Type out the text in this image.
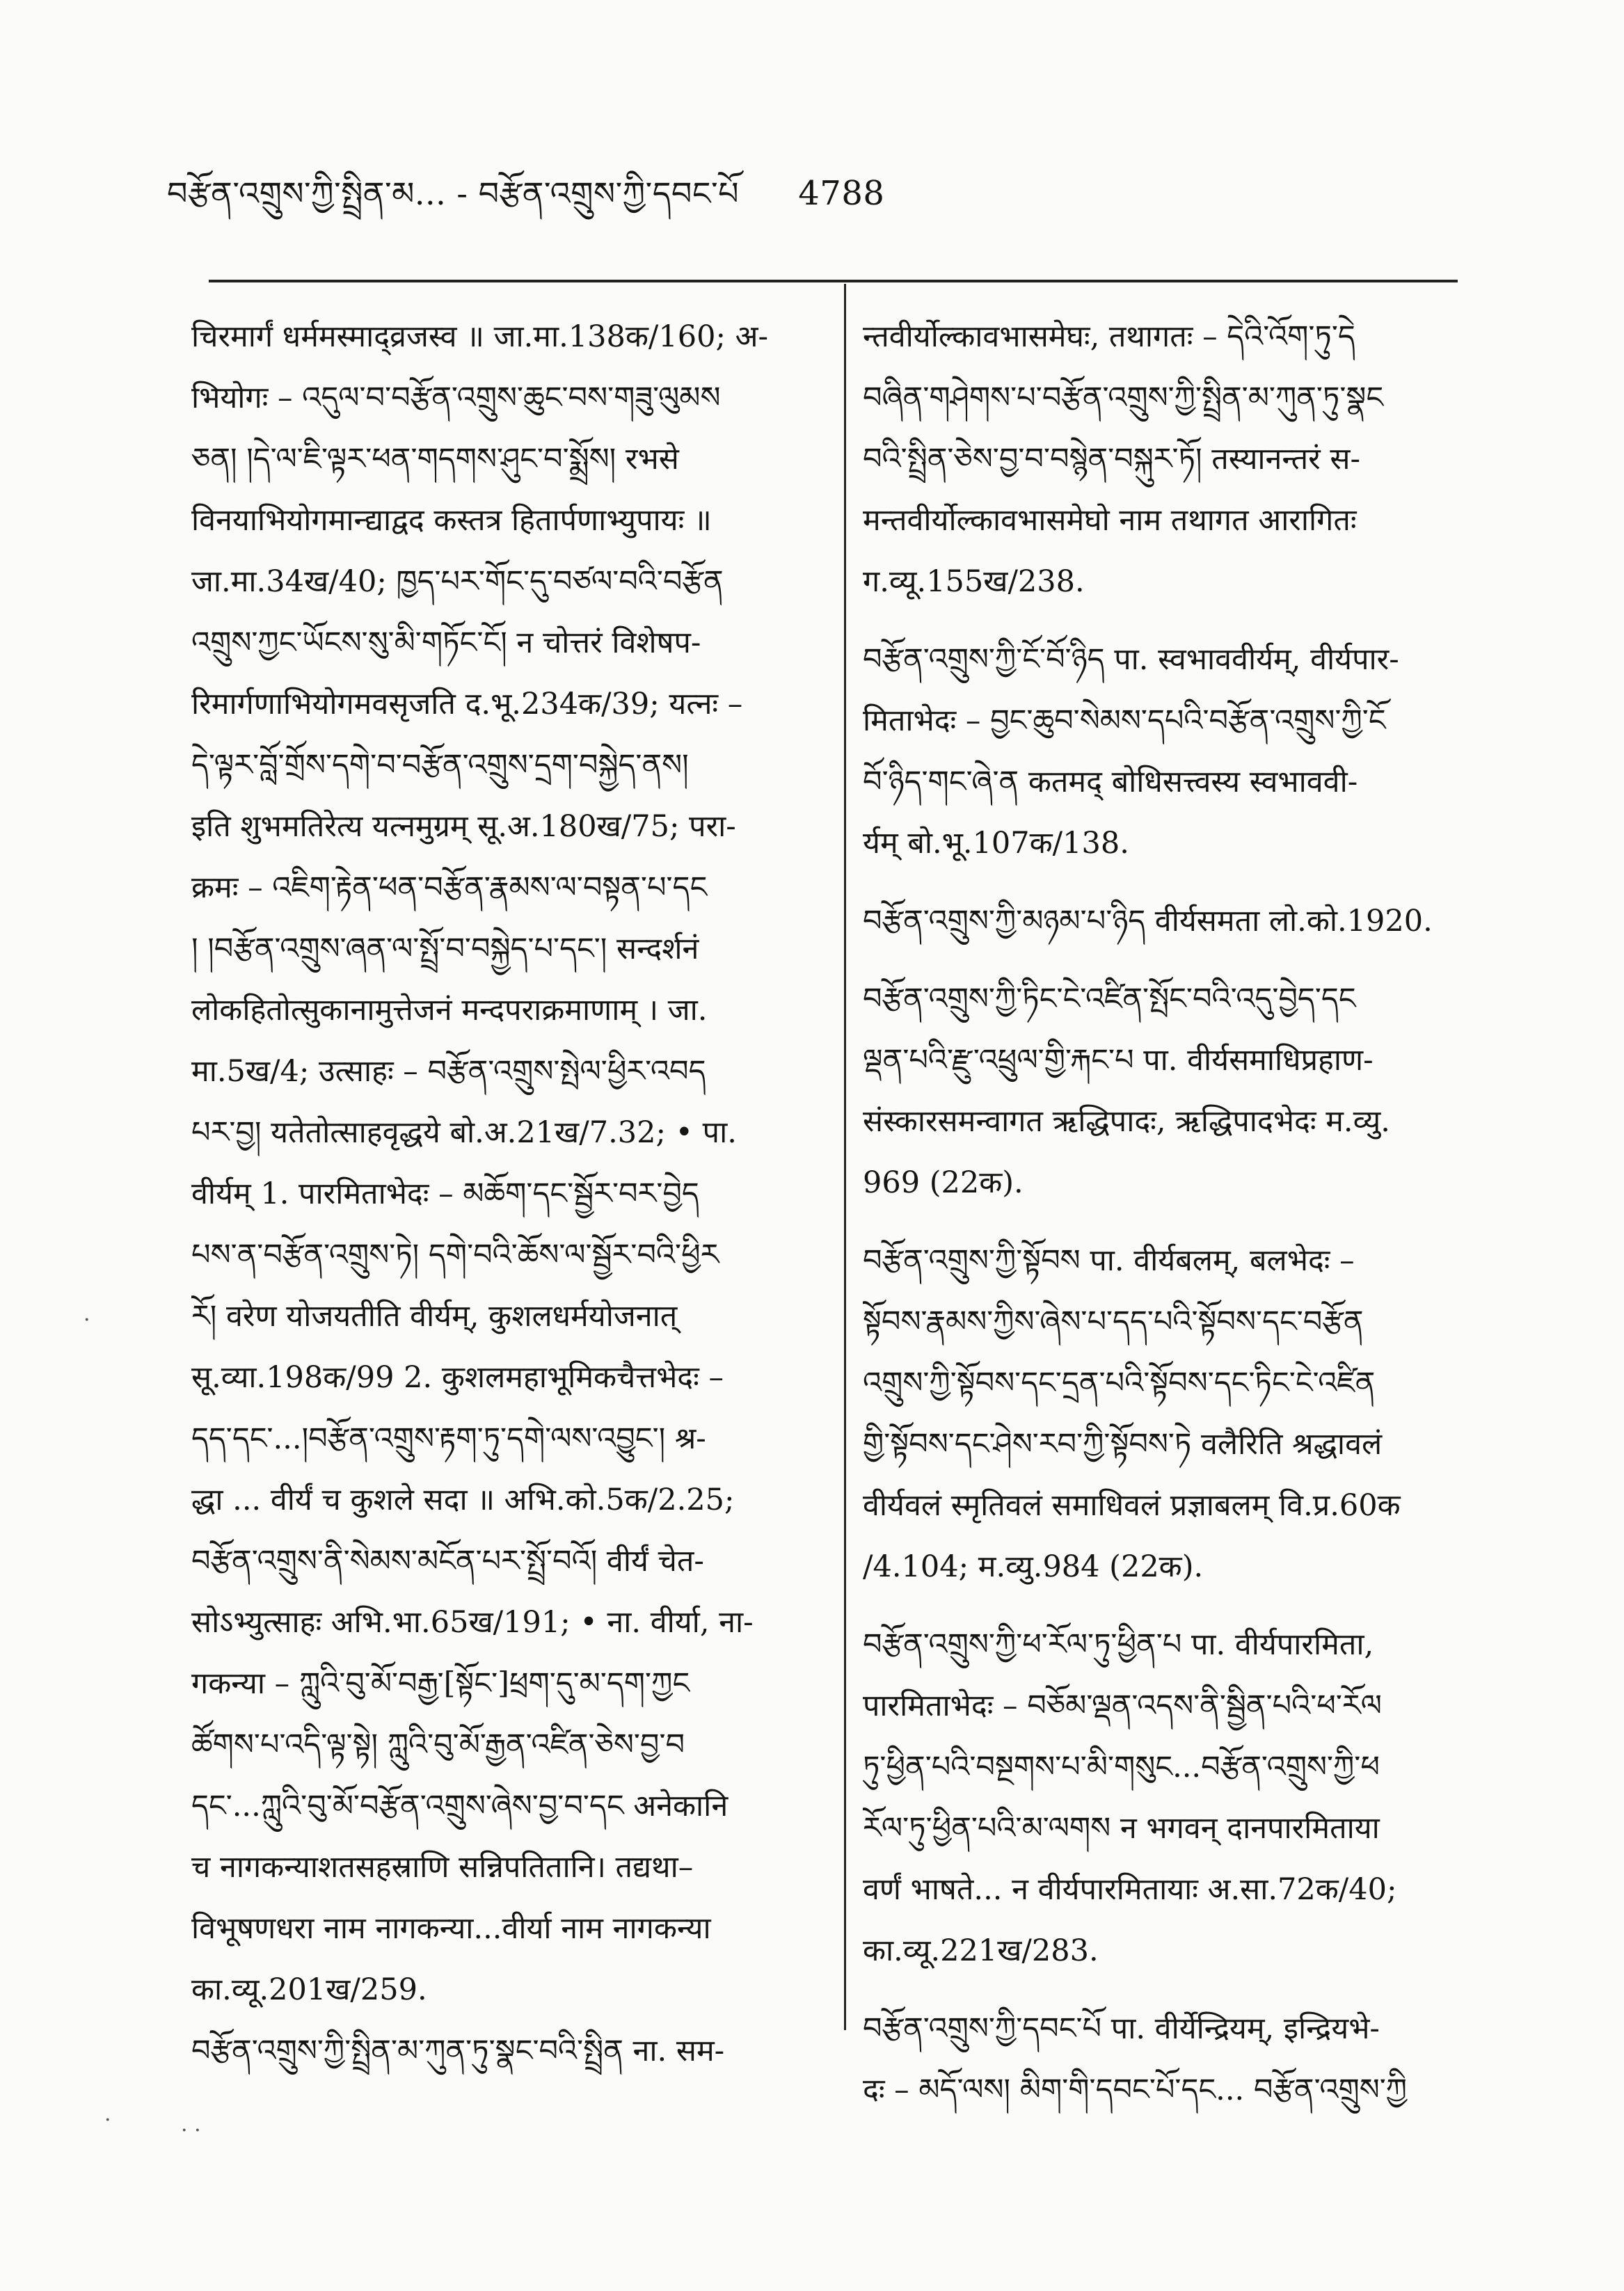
བརྩོན་འགྲུས་ཀྱི་སྤྲིན་མ... - བརྩོན་འགྲུས་ཀྱི་དབང་པོ 4788
चिरमार्गं धर्ममस्माद्व्रजस्व ॥ जा.मा.138क/160; अ-
भियोगः – འདུལ་བ་བརྩོན་འགྲུས་ཆུང་བས་གཟུ་ལུམས
ཅན། །དེ་ལ་ཇི་ལྟར་ཕན་གདགས་ཤུང་བ་སྨྲོས། रभसे
विनयाभियोगमान्द्याद्वद कस्तत्र हितार्पणाभ्युपायः ॥
जा.मा.34ख/40; ཁྱད་པར་གོང་དུ་བཙལ་བའི་བརྩོན
འགྲུས་ཀྱང་ཡོངས་སུ་མི་གཏོང་ངོ། न चोत्तरं विशेषप-
रिमार्गणाभियोगमवसृजति द.भू.234क/39; यत्नः –
དེ་ལྟར་བློ་གྲོས་དགེ་བ་བརྩོན་འགྲུས་དྲག་བསྐྱེད་ནས།
इति शुभमतिरेत्य यत्नमुग्रम् सू.अ.180ख/75; परा-
क्रमः – འཇིག་རྟེན་ཕན་བརྩོན་རྣམས་ལ་བསྟན་པ་དང
། །བརྩོན་འགྲུས་ཞན་ལ་སྤྲོ་བ་བསྐྱེད་པ་དང་། सन्दर्शनं
लोकहितोत्सुकानामुत्तेजनं मन्दपराक्रमाणाम् । जा.
मा.5ख/4; उत्साहः – བརྩོན་འགྲུས་སྤེལ་ཕྱིར་འབད
པར་བྱ། यतेतोत्साहवृद्धये बो.अ.21ख/7.32; • पा.
वीर्यम् 1. पारमिताभेदः – མཆོག་དང་སྦྱོར་བར་བྱེད
པས་ན་བརྩོན་འགྲུས་ཏེ། དགེ་བའི་ཆོས་ལ་སྦྱོར་བའི་ཕྱིར
རོ། वरेण योजयतीति वीर्यम्, कुशलधर्मयोजनात्
सू.व्या.198क/99 2. कुशलमहाभूमिकचैत्तभेदः –
དད་དང་...།བརྩོན་འགྲུས་རྟག་ཏུ་དགེ་ལས་འབྱུང་། श्र-
द्धा ... वीर्यं च कुशले सदा ॥ अभि.को.5क/2.25;
བརྩོན་འགྲུས་ནི་སེམས་མངོན་པར་སྤྲོ་བའོ། वीर्यं चेत-
सोऽभ्युत्साहः अभि.भा.65ख/191; • ना. वीर्या, ना-
गकन्या – ཀླུའི་བུ་མོ་བརྒྱ་[སྟོང་]ཕྲག་དུ་མ་དག་ཀྱང
ཚོགས་པ་འདི་ལྟ་སྟེ། ཀླུའི་བུ་མོ་རྒྱན་འཛིན་ཅེས་བྱ་བ
དང་...ཀླུའི་བུ་མོ་བརྩོན་འགྲུས་ཞེས་བྱ་བ་དང अनेकानि
च नागकन्याशतसहस्राणि सन्निपतितानि। तद्यथा–
विभूषणधरा नाम नागकन्या...वीर्या नाम नागकन्या
का.व्यू.201ख/259.
བརྩོན་འགྲུས་ཀྱི་སྤྲིན་མ་ཀུན་ཏུ་སྣང་བའི་སྤྲིན ना. सम-
न्तवीर्योल्कावभासमेघः, तथागतः – དེའི་འོག་ཏུ་དེ
བཞིན་གཤེགས་པ་བརྩོན་འགྲུས་ཀྱི་སྤྲིན་མ་ཀུན་ཏུ་སྣང
བའི་སྤྲིན་ཅེས་བྱ་བ་བསྙེན་བསྐུར་ཏོ། तस्यानन्तरं स-
मन्तवीर्योल्कावभासमेघो नाम तथागत आरागितः
ग.व्यू.155ख/238.
བརྩོན་འགྲུས་ཀྱི་ངོ་བོ་ཉིད पा. स्वभाववीर्यम्, वीर्यपार-
मिताभेदः – བྱང་ཆུབ་སེམས་དཔའི་བརྩོན་འགྲུས་ཀྱི་ངོ
བོ་ཉིད་གང་ཞེ་ན कतमद् बोधिसत्त्वस्य स्वभाववी-
र्यम् बो.भू.107क/138.
བརྩོན་འགྲུས་ཀྱི་མཉམ་པ་ཉིད वीर्यसमता लो.को.1920.
བརྩོན་འགྲུས་ཀྱི་ཏིང་ངེ་འཛིན་སྤོང་བའི་འདུ་བྱེད་དང
ལྡན་པའི་རྫུ་འཕྲུལ་གྱི་རྐང་པ पा. वीर्यसमाधिप्रहाण-
संस्कारसमन्वागत ऋद्धिपादः, ऋद्धिपादभेदः म.व्यु.
969 (22क).
བརྩོན་འགྲུས་ཀྱི་སྟོབས पा. वीर्यबलम्, बलभेदः –
སྟོབས་རྣམས་ཀྱིས་ཞེས་པ་དད་པའི་སྟོབས་དང་བརྩོན
འགྲུས་ཀྱི་སྟོབས་དང་དྲན་པའི་སྟོབས་དང་ཏིང་ངེ་འཛིན
གྱི་སྟོབས་དང་ཤེས་རབ་ཀྱི་སྟོབས་ཏེ वलैरिति श्रद्धावलं
वीर्यवलं स्मृतिवलं समाधिवलं प्रज्ञाबलम् वि.प्र.60क
/4.104; म.व्यु.984 (22क).
བརྩོན་འགྲུས་ཀྱི་ཕ་རོལ་ཏུ་ཕྱིན་པ पा. वीर्यपारमिता,
पारमिताभेदः – བཅོམ་ལྡན་འདས་ནི་སྦྱིན་པའི་ཕ་རོལ
ཏུ་ཕྱིན་པའི་བསྔགས་པ་མི་གསུང...བརྩོན་འགྲུས་ཀྱི་ཕ
རོལ་ཏུ་ཕྱིན་པའི་མ་ལགས न भगवन् दानपारमिताया
वर्णं भाषते... न वीर्यपारमितायाः अ.सा.72क/40;
का.व्यू.221ख/283.
བརྩོན་འགྲུས་ཀྱི་དབང་པོ पा. वीर्येन्द्रियम्, इन्द्रियभे-
दः – མདོ་ལས། མིག་གི་དབང་པོ་དང... བརྩོན་འགྲུས་ཀྱི
·
·	· ·
